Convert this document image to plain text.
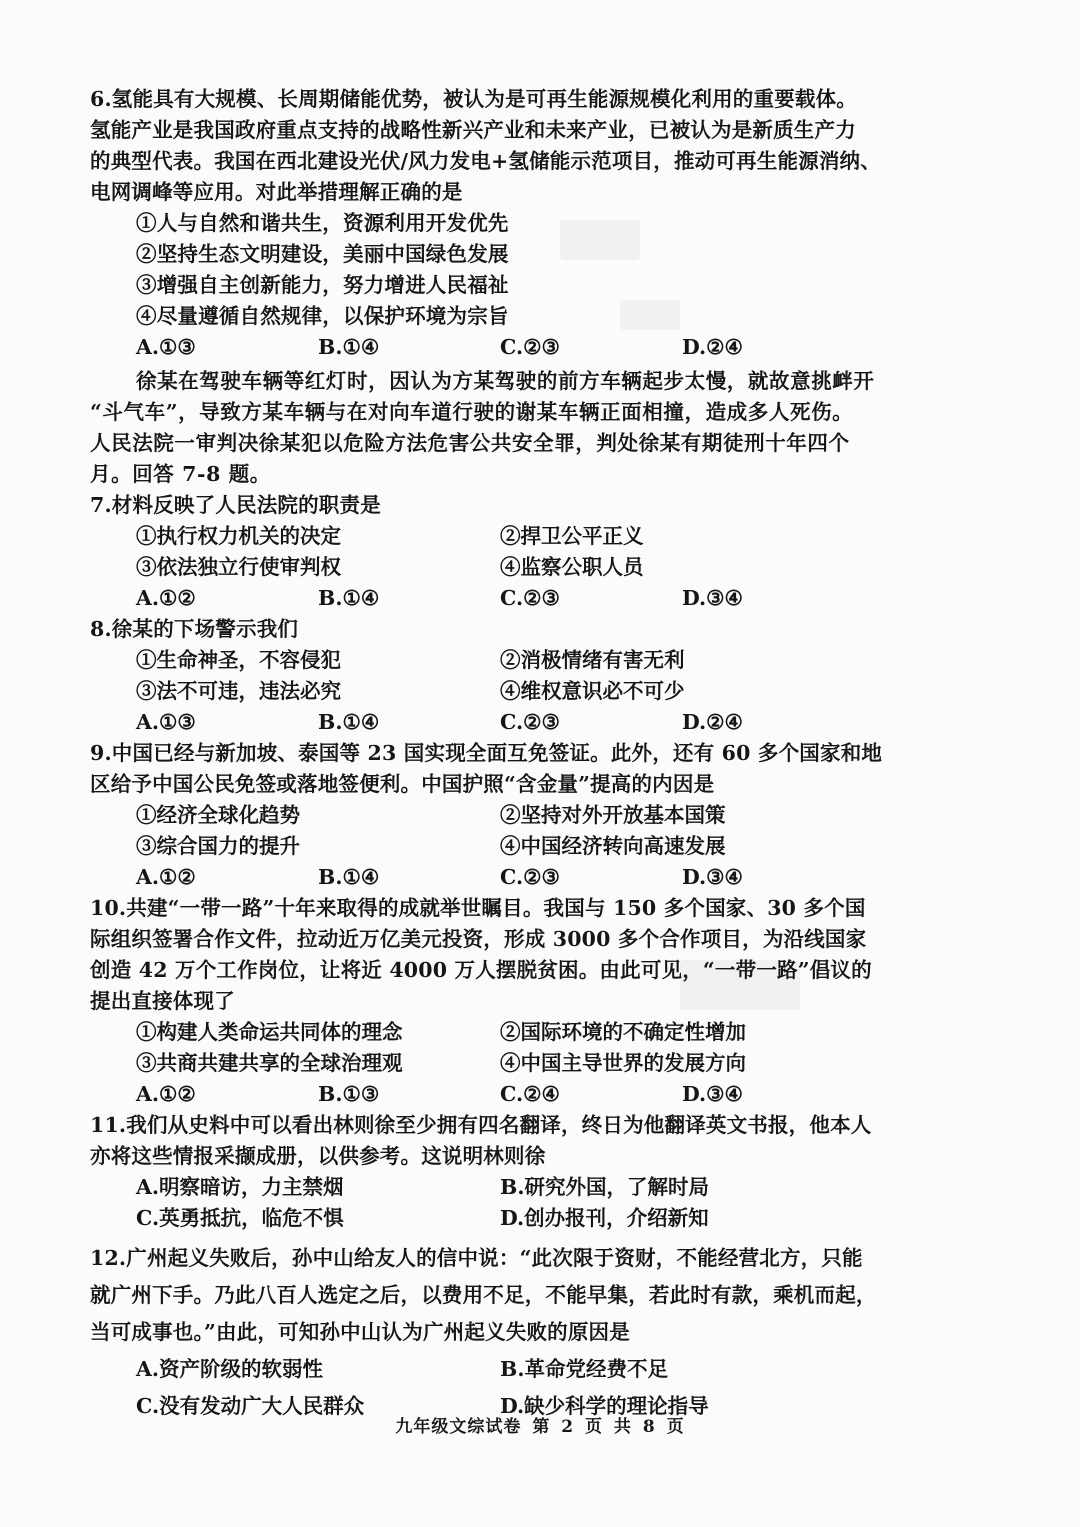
6.氢能具有大规模、长周期储能优势，被认为是可再生能源规模化利用的重要载体。
氢能产业是我国政府重点支持的战略性新兴产业和未来产业，已被认为是新质生产力
的典型代表。我国在西北建设光伏/风力发电+氢储能示范项目，推动可再生能源消纳、
电网调峰等应用。对此举措理解正确的是
①人与自然和谐共生，资源利用开发优先
②坚持生态文明建设，美丽中国绿色发展
③增强自主创新能力，努力增进人民福祉
④尽量遵循自然规律，以保护环境为宗旨
A.①③	B.①④	C.②③	D.②④
徐某在驾驶车辆等红灯时，因认为方某驾驶的前方车辆起步太慢，就故意挑衅开
“斗气车”，导致方某车辆与在对向车道行驶的谢某车辆正面相撞，造成多人死伤。
人民法院一审判决徐某犯以危险方法危害公共安全罪，判处徐某有期徒刑十年四个
月。回答 7-8 题。
7.材料反映了人民法院的职责是
①执行权力机关的决定	②捍卫公平正义
③依法独立行使审判权	④监察公职人员
A.①②	B.①④	C.②③	D.③④
8.徐某的下场警示我们
①生命神圣，不容侵犯	②消极情绪有害无利
③法不可违，违法必究	④维权意识必不可少
A.①③	B.①④	C.②③	D.②④
9.中国已经与新加坡、泰国等 23 国实现全面互免签证。此外，还有 60 多个国家和地
区给予中国公民免签或落地签便利。中国护照“含金量”提高的内因是
①经济全球化趋势	②坚持对外开放基本国策
③综合国力的提升	④中国经济转向高速发展
A.①②	B.①④	C.②③	D.③④
10.共建“一带一路”十年来取得的成就举世瞩目。我国与 150 多个国家、30 多个国
际组织签署合作文件，拉动近万亿美元投资，形成 3000 多个合作项目，为沿线国家
创造 42 万个工作岗位，让将近 4000 万人摆脱贫困。由此可见，“一带一路”倡议的
提出直接体现了
①构建人类命运共同体的理念	②国际环境的不确定性增加
③共商共建共享的全球治理观	④中国主导世界的发展方向
A.①②	B.①③	C.②④	D.③④
11.我们从史料中可以看出林则徐至少拥有四名翻译，终日为他翻译英文书报，他本人
亦将这些情报采撷成册，以供参考。这说明林则徐
A.明察暗访，力主禁烟	B.研究外国，了解时局
C.英勇抵抗，临危不惧	D.创办报刊，介绍新知
12.广州起义失败后，孙中山给友人的信中说：“此次限于资财，不能经营北方，只能
就广州下手。乃此八百人选定之后，以费用不足，不能早集，若此时有款，乘机而起，
当可成事也。”由此，可知孙中山认为广州起义失败的原因是
A.资产阶级的软弱性	B.革命党经费不足
C.没有发动广大人民群众	D.缺少科学的理论指导
九年级文综试卷 第 2 页 共 8 页
